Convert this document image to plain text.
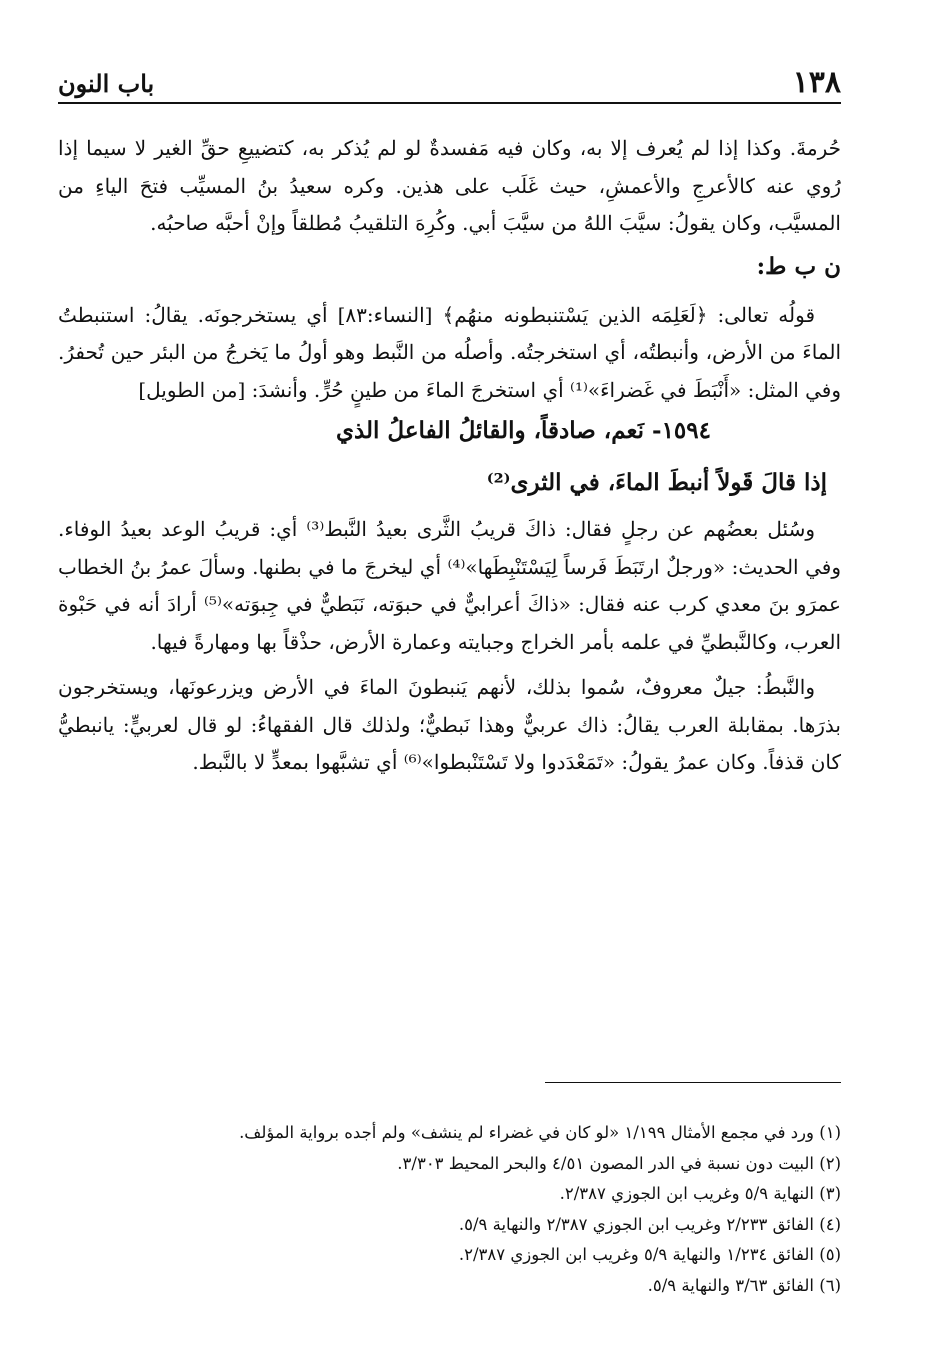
باب النون	١٣٨

حُرمةَ. وكذا إذا لم يُعرف إلا به، وكان فيه مَفسدةٌ لو لم يُذكر به، كتضييعِ حقِّ الغير لا سيما إذا رُوي عنه كالأعرجِ والأعمشِ، حيث غَلَب على هذين. وكره سعيدُ بنُ المسيِّب فتحَ الياءِ من المسيَّب، وكان يقولُ: سيَّبَ اللهُ من سيَّبَ أبي. وكُرِهَ التلقيبُ مُطلقاً وإنْ أحبَّه صاحبُه.

ن ب ط:

قولُه تعالى: ﴿لَعَلِمَه الذين يَسْتنبطونه منهُم﴾ [النساء:٨٣] أي يستخرجونَه. يقالُ: استنبطتُ الماءَ من الأرض، وأنبطتُه، أي استخرجتُه. وأصلُه من النَّبط وهو أولُ ما يَخرجُ من البئر حين تُحفرُ. وفي المثل: «أَنْبَطَ في غَضراءَ»⁽¹⁾ أي استخرجَ الماءَ من طينٍ حُرٍّ. وأنشدَ: [من الطويل]

١٥٩٤- نَعم، صادقاً، والقائلُ الفاعلُ الذي
إذا قالَ قَولاً أنبطَ الماءَ، في الثرى⁽²⁾

وسُئل بعضُهم عن رجلٍ فقال: ذاكَ قريبُ الثَّرى بعيدُ النَّبط⁽³⁾ أي: قريبُ الوعد بعيدُ الوفاء. وفي الحديث: «ورجلٌ ارتَبَطَ فَرساً لِيَسْتَنْبِطَها»⁽⁴⁾ أي ليخرجَ ما في بطنها. وسألَ عمرُ بنُ الخطاب عمرَو بنَ معدي كرب عنه فقال: «ذاكَ أعرابيٌّ في حبوَته، نَبَطيٌّ في جِبوَته»⁽⁵⁾ أرادَ أنه في حَبْوة العرب، وكالنَّبطيِّ في علمه بأمر الخراج وجبايته وعمارة الأرض، حذْقاً بها ومهارةً فيها.

والنَّبطُ: جيلٌ معروفٌ، سُموا بذلك، لأنهم يَنبطونَ الماءَ في الأرض ويزرعونَها، ويستخرجون بذرَها. بمقابلة العرب يقالُ: ذاك عربيٌّ وهذا نَبطيٌّ؛ ولذلك قال الفقهاءُ: لو قال لعربيٍّ: يانبطيُّ كان قذفاً. وكان عمرُ يقولُ: «تَمَعْدَدوا ولا تَسْتَنْبطوا»⁽⁶⁾ أي تشبَّهوا بمعدٍّ لا بالنَّبط.

(١) ورد في مجمع الأمثال ١/١٩٩ «لو كان في غضراء لم ينشف» ولم أجده برواية المؤلف.
(٢) البيت دون نسبة في الدر المصون ٤/٥١ والبحر المحيط ٣/٣٠٣.
(٣) النهاية ٥/٩ وغريب ابن الجوزي ٢/٣٨٧.
(٤) الفائق ٢/٢٣٣ وغريب ابن الجوزي ٢/٣٨٧ والنهاية ٥/٩.
(٥) الفائق ١/٢٣٤ والنهاية ٥/٩ وغريب ابن الجوزي ٢/٣٨٧.
(٦) الفائق ٣/٦٣ والنهاية ٥/٩.
